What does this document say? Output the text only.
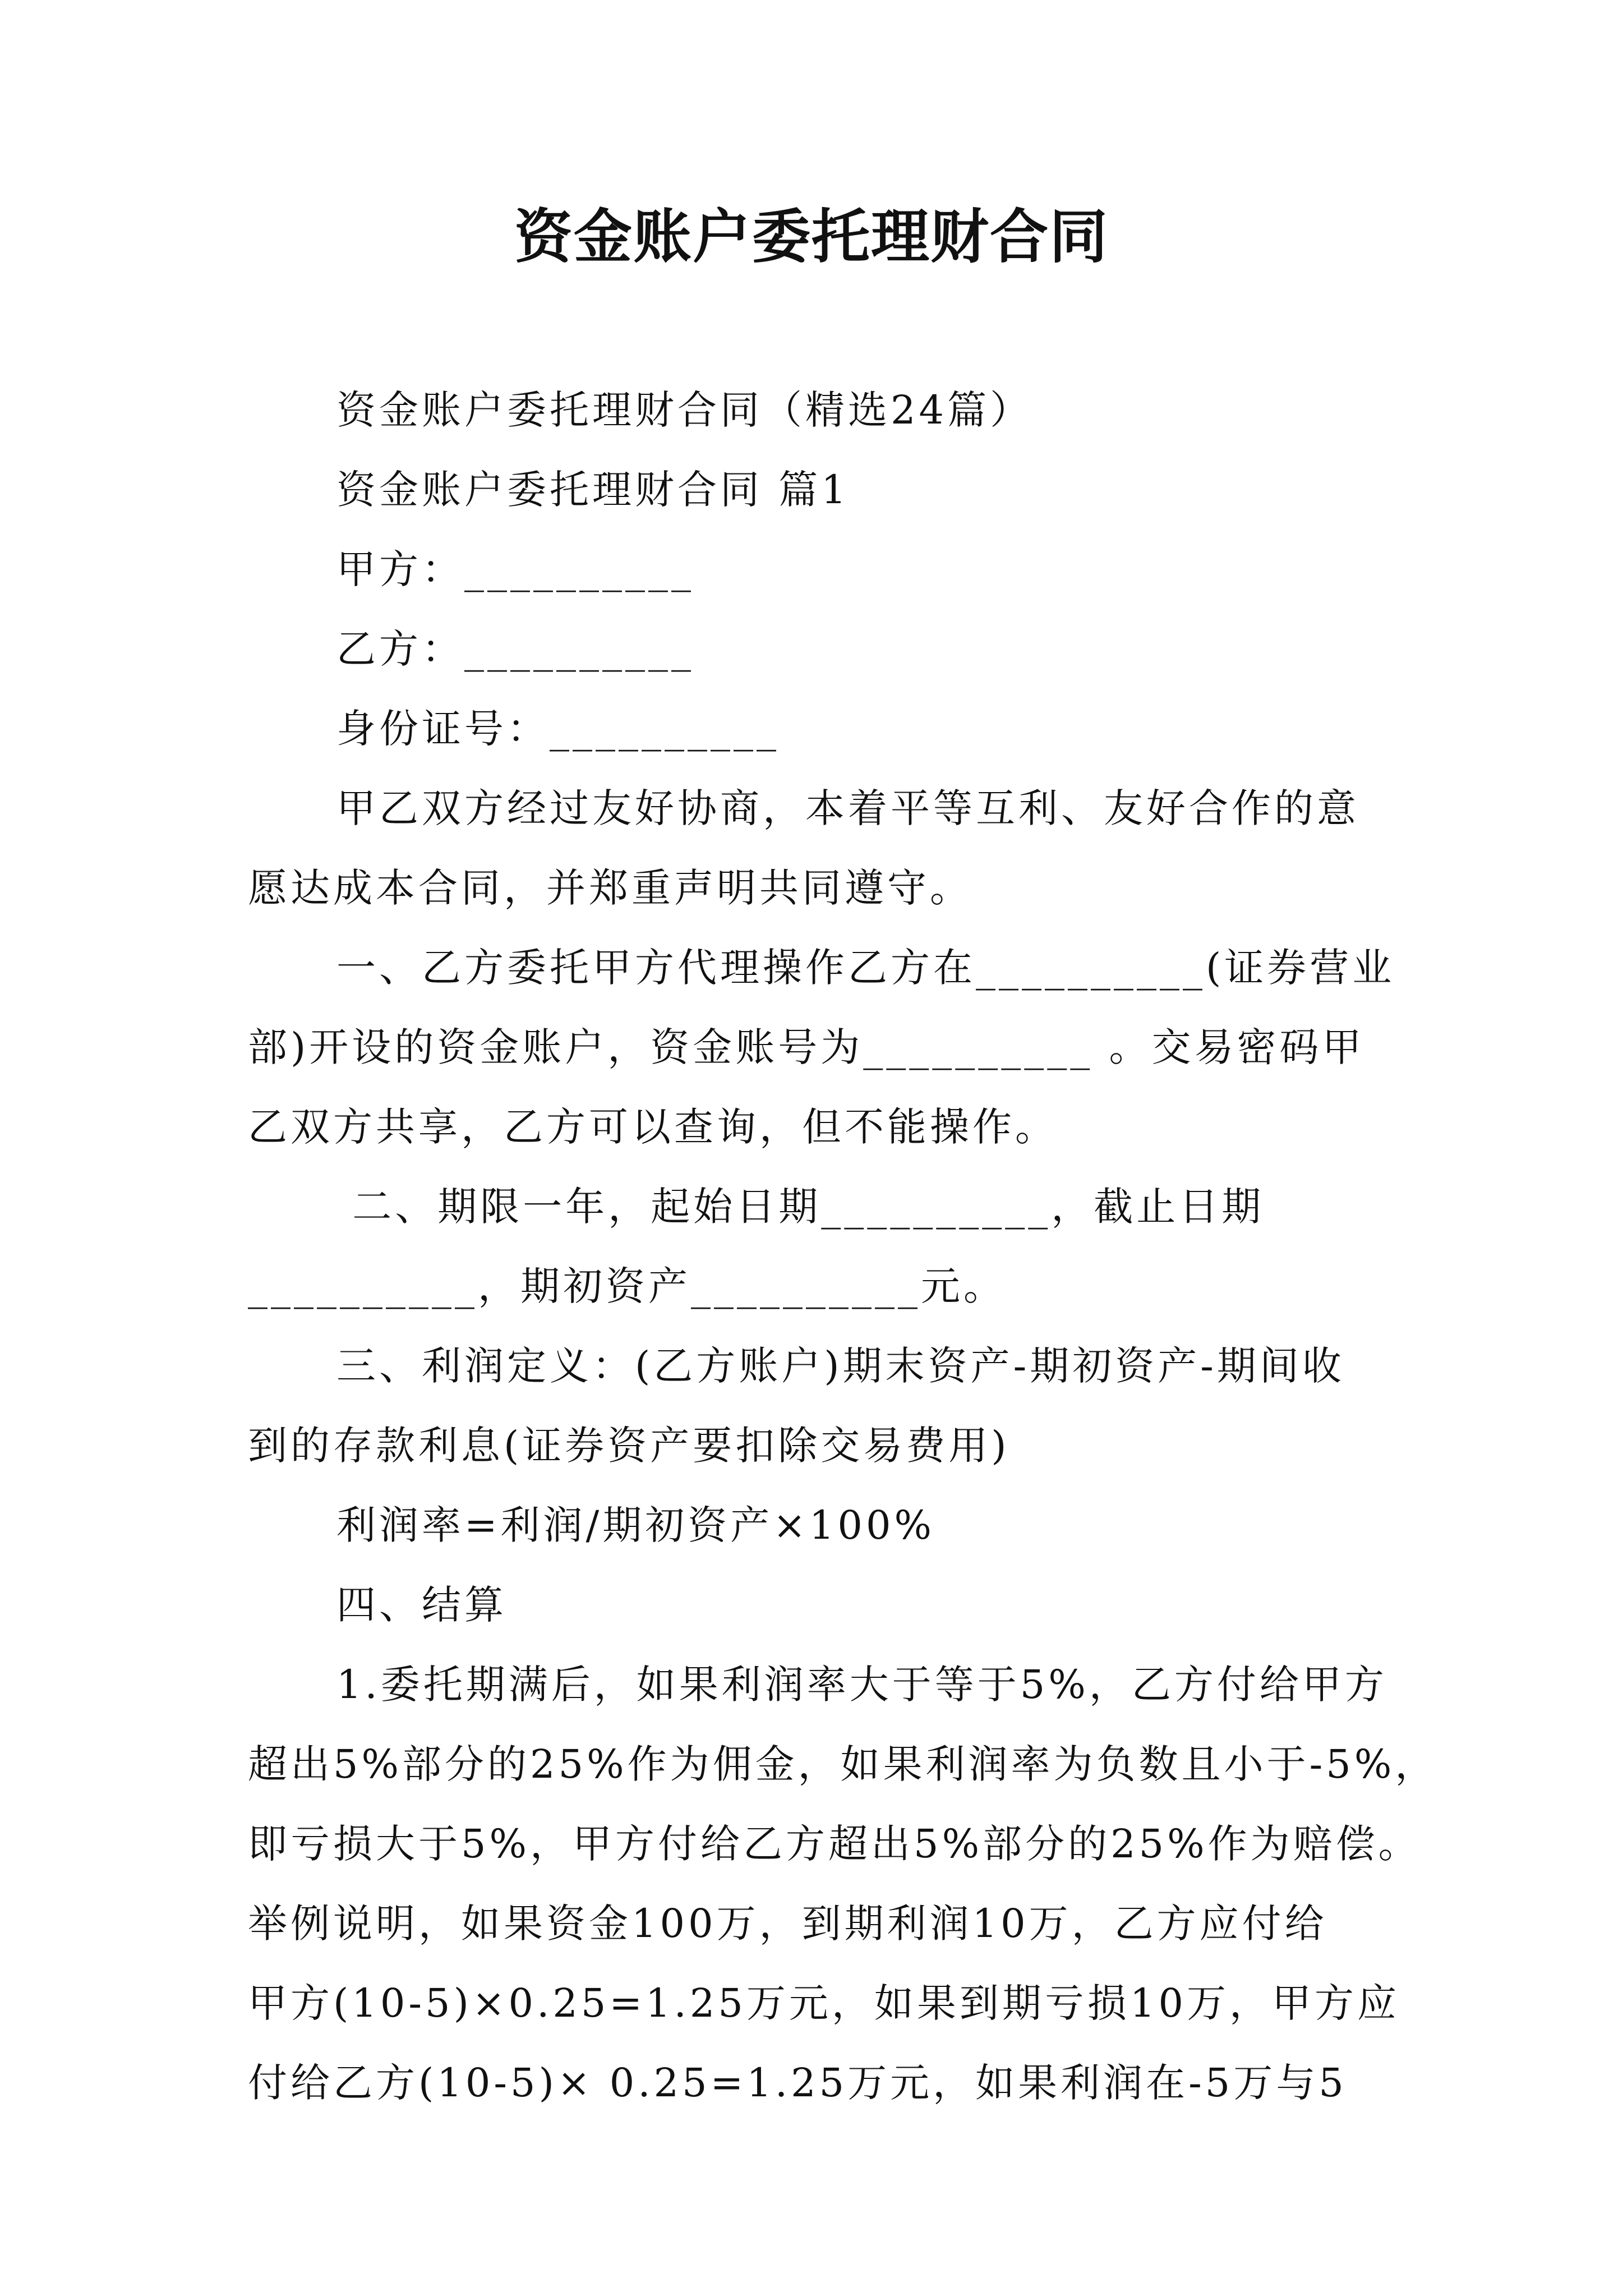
资金账户委托理财合同

资金账户委托理财合同（精选24篇）

资金账户委托理财合同 篇1

甲方：__________

乙方：__________

身份证号：__________

甲乙双方经过友好协商，本着平等互利、友好合作的意
愿达成本合同，并郑重声明共同遵守。

一、乙方委托甲方代理操作乙方在__________(证券营业
部)开设的资金账户，资金账号为__________ 。交易密码甲
乙双方共享，乙方可以查询，但不能操作。

二、期限一年，起始日期__________，截止日期
__________，期初资产__________元。

三、利润定义：(乙方账户)期末资产-期初资产-期间收
到的存款利息(证券资产要扣除交易费用)

利润率=利润/期初资产×100%

四、结算

1.委托期满后，如果利润率大于等于5%，乙方付给甲方
超出5%部分的25%作为佣金，如果利润率为负数且小于-5%，
即亏损大于5%，甲方付给乙方超出5%部分的25%作为赔偿。
举例说明，如果资金100万，到期利润10万，乙方应付给
甲方(10-5)×0.25=1.25万元，如果到期亏损10万，甲方应
付给乙方(10-5)× 0.25=1.25万元，如果利润在-5万与5
